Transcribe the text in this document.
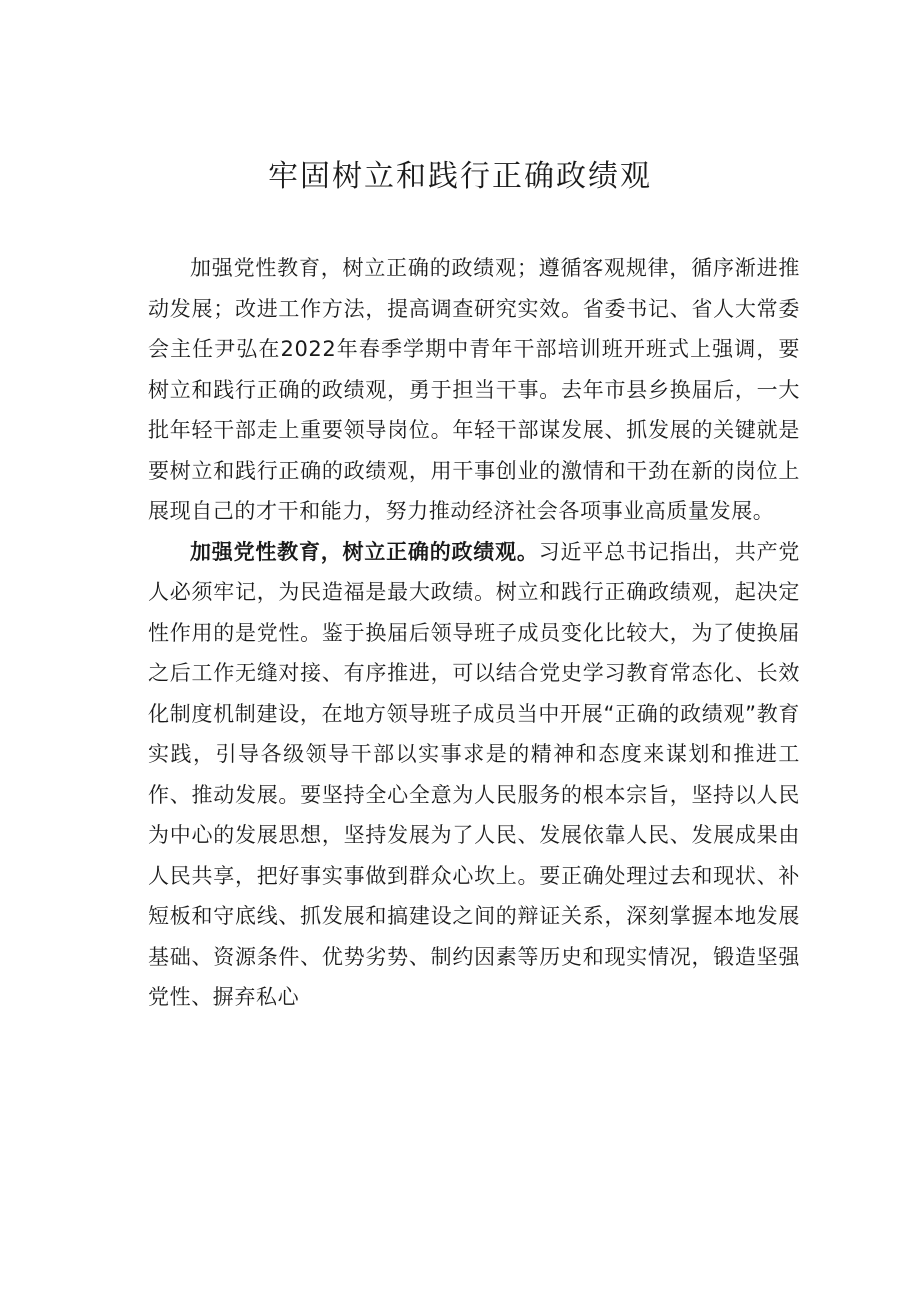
牢固树立和践行正确政绩观

加强党性教育，树立正确的政绩观；遵循客观规律，循序渐进推动发展；改进工作方法，提高调查研究实效。省委书记、省人大常委会主任尹弘在2022年春季学期中青年干部培训班开班式上强调，要树立和践行正确的政绩观，勇于担当干事。去年市县乡换届后，一大批年轻干部走上重要领导岗位。年轻干部谋发展、抓发展的关键就是要树立和践行正确的政绩观，用干事创业的激情和干劲在新的岗位上展现自己的才干和能力，努力推动经济社会各项事业高质量发展。

加强党性教育，树立正确的政绩观。习近平总书记指出，共产党人必须牢记，为民造福是最大政绩。树立和践行正确政绩观，起决定性作用的是党性。鉴于换届后领导班子成员变化比较大，为了使换届之后工作无缝对接、有序推进，可以结合党史学习教育常态化、长效化制度机制建设，在地方领导班子成员当中开展“正确的政绩观”教育实践，引导各级领导干部以实事求是的精神和态度来谋划和推进工作、推动发展。要坚持全心全意为人民服务的根本宗旨，坚持以人民为中心的发展思想，坚持发展为了人民、发展依靠人民、发展成果由人民共享，把好事实事做到群众心坎上。要正确处理过去和现状、补短板和守底线、抓发展和搞建设之间的辩证关系，深刻掌握本地发展基础、资源条件、优势劣势、制约因素等历史和现实情况，锻造坚强党性、摒弃私心
